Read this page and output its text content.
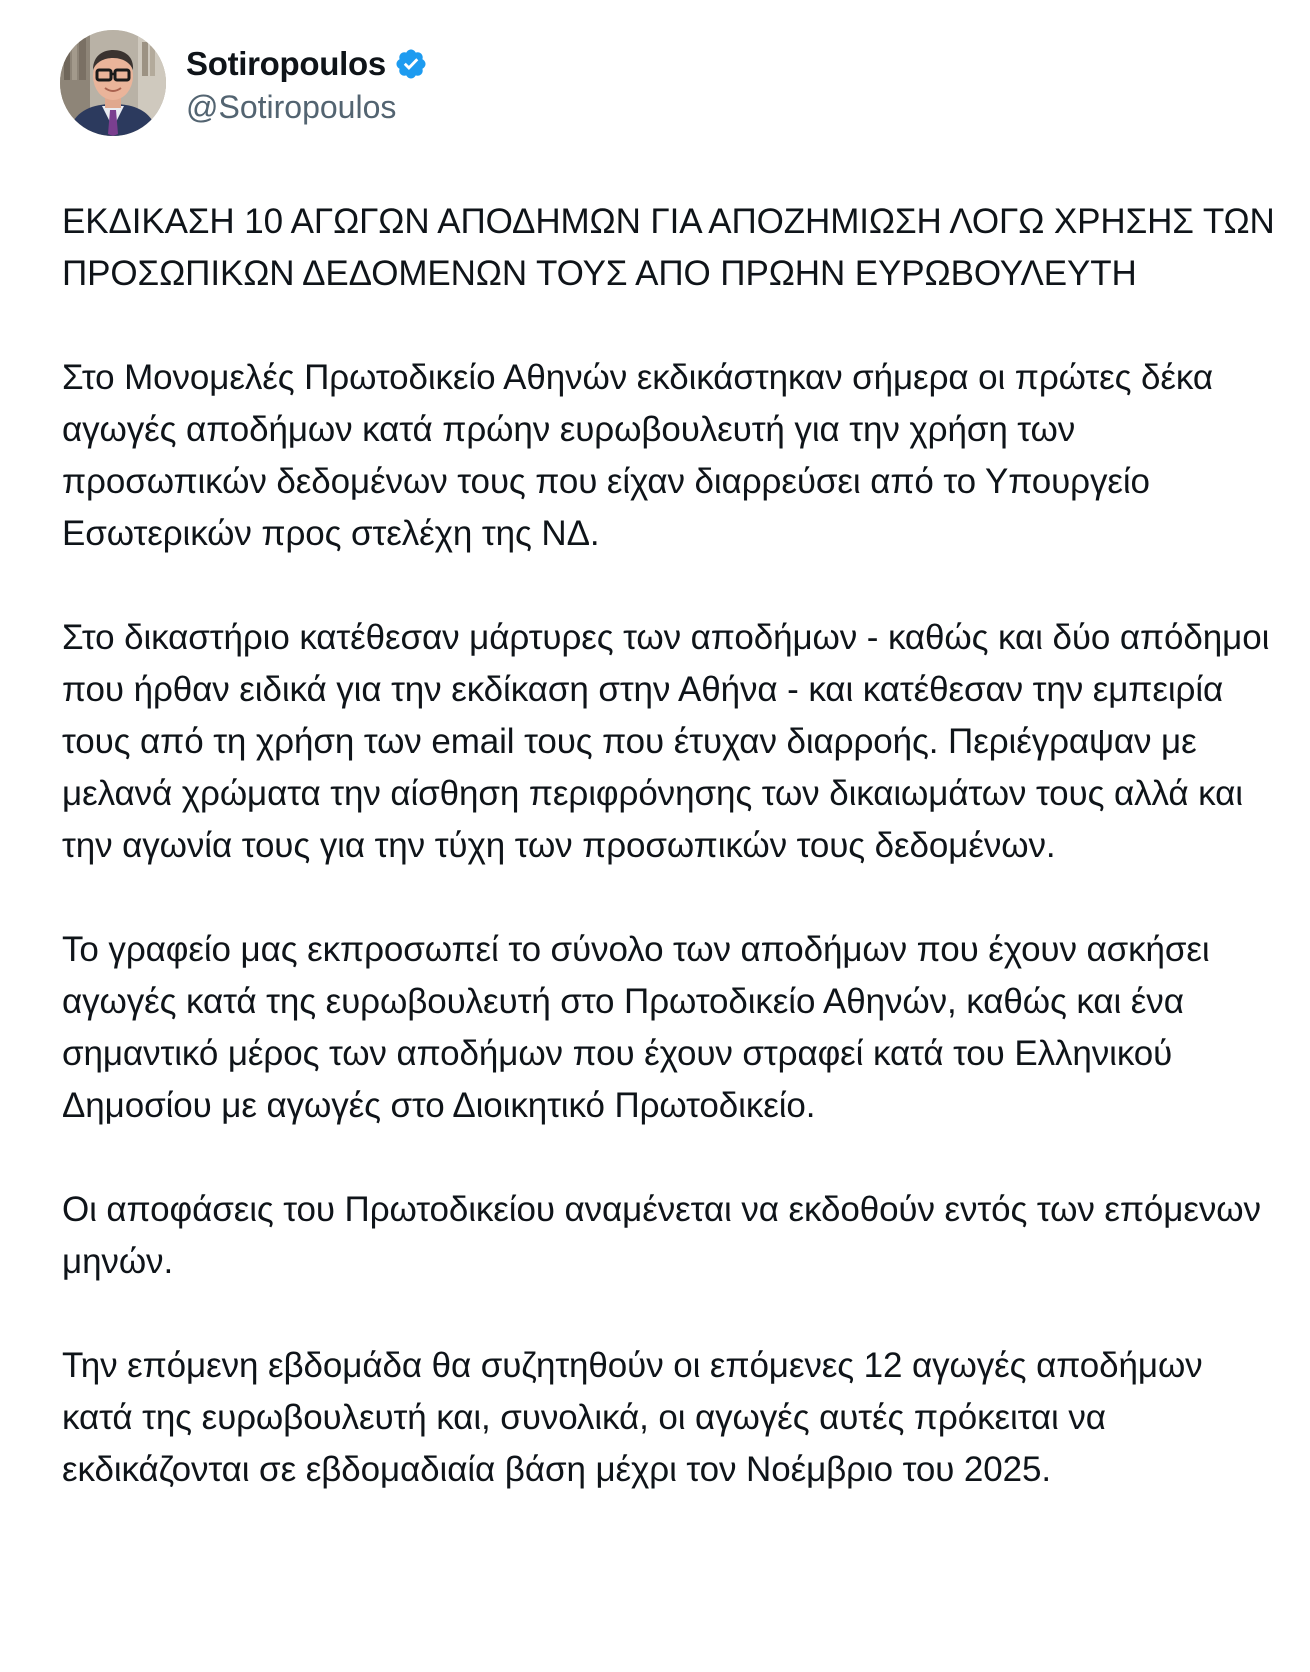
Sotiropoulos
@Sotiropoulos

ΕΚΔΙΚΑΣΗ 10 ΑΓΩΓΩΝ ΑΠΟΔΗΜΩΝ ΓΙΑ ΑΠΟΖΗΜΙΩΣΗ ΛΟΓΩ ΧΡΗΣΗΣ ΤΩΝ ΠΡΟΣΩΠΙΚΩΝ ΔΕΔΟΜΕΝΩΝ ΤΟΥΣ ΑΠΟ ΠΡΩΗΝ ΕΥΡΩΒΟΥΛΕΥΤΗ

Στο Μονομελές Πρωτοδικείο Αθηνών εκδικάστηκαν σήμερα οι πρώτες δέκα αγωγές αποδήμων κατά πρώην ευρωβουλευτή για την χρήση των προσωπικών δεδομένων τους που είχαν διαρρεύσει από το Υπουργείο Εσωτερικών προς στελέχη της ΝΔ.

Στο δικαστήριο κατέθεσαν μάρτυρες των αποδήμων - καθώς και δύο απόδημοι που ήρθαν ειδικά για την εκδίκαση στην Αθήνα - και κατέθεσαν την εμπειρία τους από τη χρήση των email τους που έτυχαν διαρροής. Περιέγραψαν με μελανά χρώματα την αίσθηση περιφρόνησης των δικαιωμάτων τους αλλά και την αγωνία τους για την τύχη των προσωπικών τους δεδομένων.

Το γραφείο μας εκπροσωπεί το σύνολο των αποδήμων που έχουν ασκήσει αγωγές κατά της ευρωβουλευτή στο Πρωτοδικείο Αθηνών, καθώς και ένα σημαντικό μέρος των αποδήμων που έχουν στραφεί κατά του Ελληνικού Δημοσίου με αγωγές στο Διοικητικό Πρωτοδικείο.

Οι αποφάσεις του Πρωτοδικείου αναμένεται να εκδοθούν εντός των επόμενων μηνών.

Την επόμενη εβδομάδα θα συζητηθούν οι επόμενες 12 αγωγές αποδήμων κατά της ευρωβουλευτή και, συνολικά, οι αγωγές αυτές πρόκειται να εκδικάζονται σε εβδομαδιαία βάση μέχρι τον Νοέμβριο του 2025.
